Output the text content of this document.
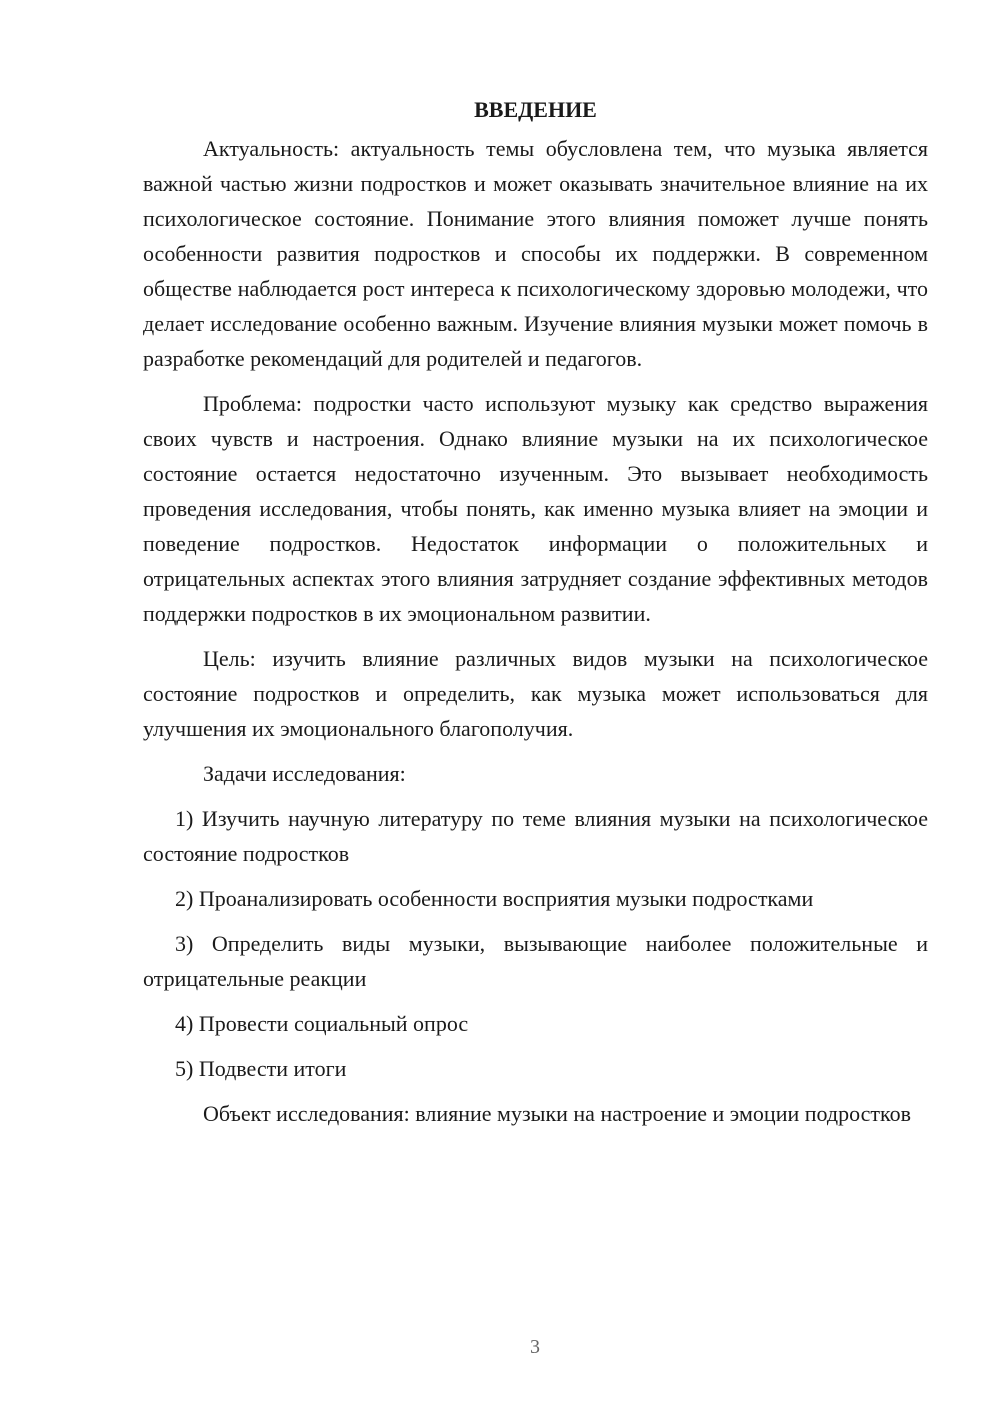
ВВЕДЕНИЕ

Актуальность: актуальность темы обусловлена тем, что музыка является важной частью жизни подростков и может оказывать значительное влияние на их психологическое состояние. Понимание этого влияния поможет лучше понять особенности развития подростков и способы их поддержки. В современном обществе наблюдается рост интереса к психологическому здоровью молодежи, что делает исследование особенно важным. Изучение влияния музыки может помочь в разработке рекомендаций для родителей и педагогов.

Проблема: подростки часто используют музыку как средство выражения своих чувств и настроения. Однако влияние музыки на их психологическое состояние остается недостаточно изученным. Это вызывает необходимость проведения исследования, чтобы понять, как именно музыка влияет на эмоции и поведение подростков. Недостаток информации о положительных и отрицательных аспектах этого влияния затрудняет создание эффективных методов поддержки подростков в их эмоциональном развитии.

Цель: изучить влияние различных видов музыки на психологическое состояние подростков и определить, как музыка может использоваться для улучшения их эмоционального благополучия.

Задачи исследования:

1) Изучить научную литературу по теме влияния музыки на психологическое состояние подростков

2) Проанализировать особенности восприятия музыки подростками

3) Определить виды музыки, вызывающие наиболее положительные и отрицательные реакции

4) Провести социальный опрос

5) Подвести итоги

Объект исследования: влияние музыки на настроение и эмоции подростков

3
